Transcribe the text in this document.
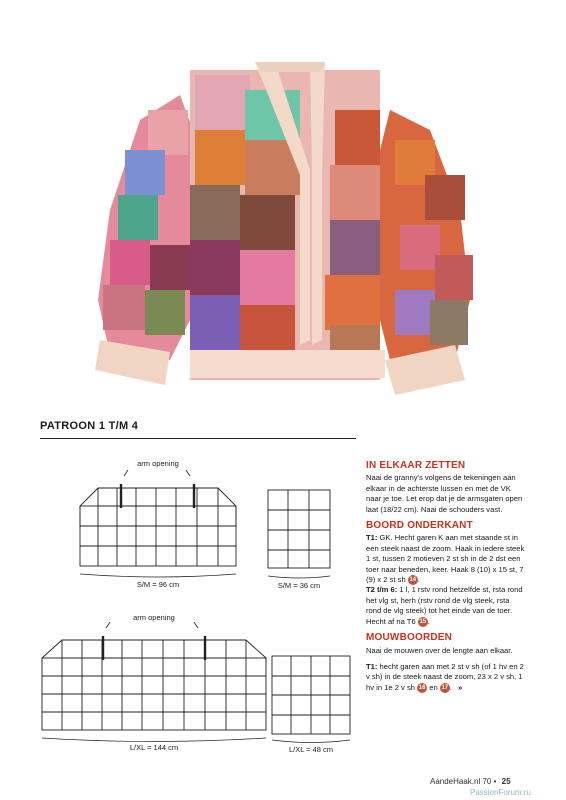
PATROON 1 T/M 4
arm opening
S/M = 96 cm	S/M = 36 cm
arm opening
L/XL = 144 cm	L/XL = 48 cm
IN ELKAAR ZETTEN

Naai de granny's volgens de tekeningen aan elkaar in de achterste lussen en met de VK naar je toe. Let erop dat je de armsgaten open laat (18/22 cm). Naai de schouders vast.

BOORD ONDERKANT

T1: GK. Hecht garen K aan met staande st in een steek naast de zoom. Haak in iedere steek 1 st, tussen 2 motieven 2 st sh in de 2 dst een toer naar beneden, keer. Haak 8 (10) x 15 st, 7 (9) x 2 st sh 14 .
T2 t/m 6: 1 l, 1 rstv rond hetzelfde st, rsta rond het vlg st, herh (rstv rond de vlg steek, rsta rond de vlg steek) tot het einde van de toer. Hecht af na T6 15 .

MOUWBOORDEN

Naai de mouwen over de lengte aan elkaar.

T1: hecht garen aan met 2 st v sh (of 1 hv en 2 v sh) in de steek naast de zoom, 23 x 2 v sh, 1 hv in 1e 2 v sh 16 en 17 . »

AandeHaak.nl 70 • 25
PassionForum.ru
